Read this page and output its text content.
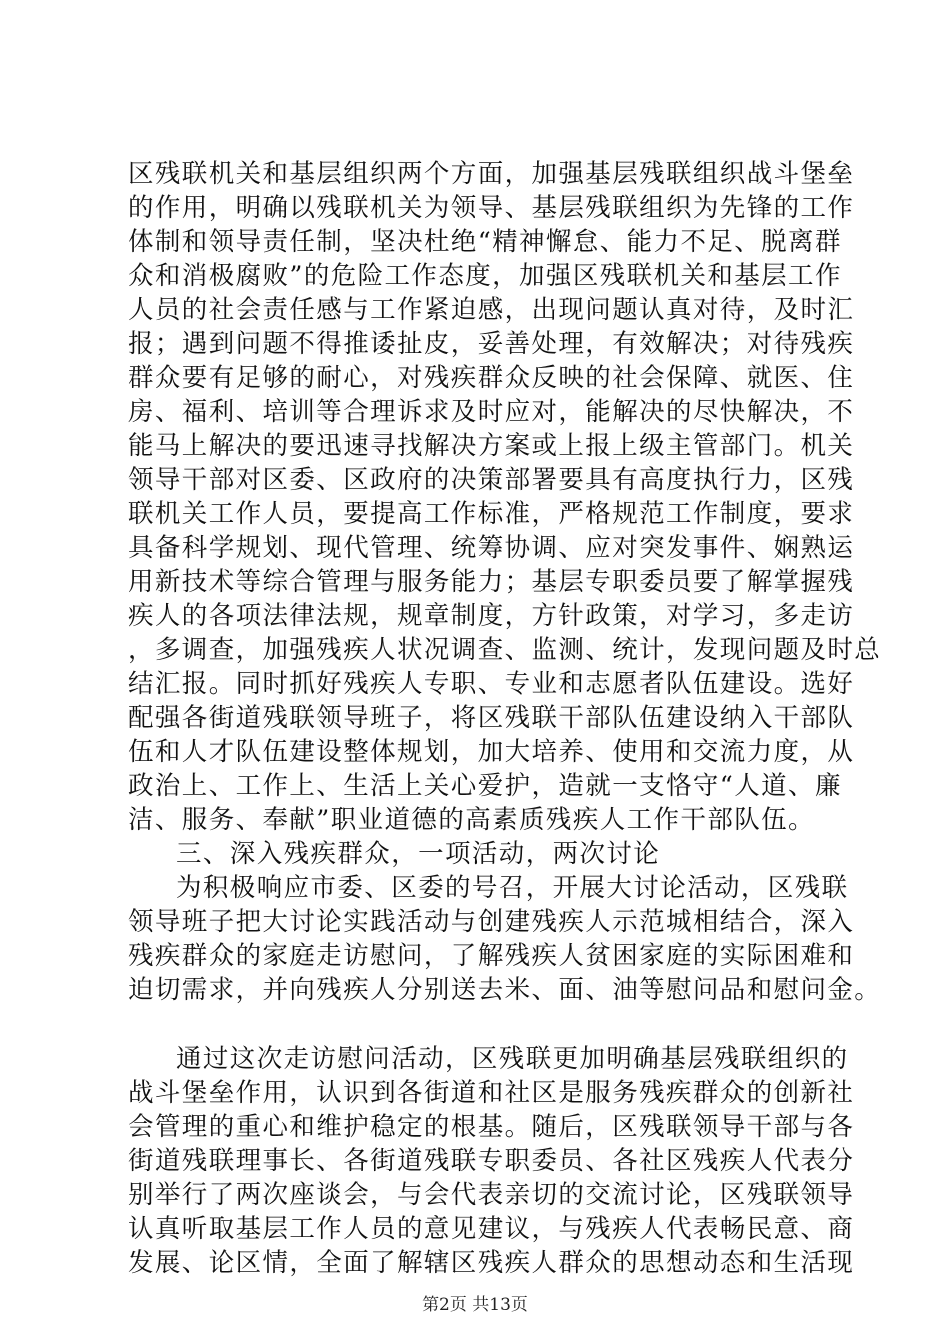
区残联机关和基层组织两个方面，加强基层残联组织战斗堡垒
的作用，明确以残联机关为领导、基层残联组织为先锋的工作
体制和领导责任制，坚决杜绝“精神懈怠、能力不足、脱离群
众和消极腐败”的危险工作态度，加强区残联机关和基层工作
人员的社会责任感与工作紧迫感，出现问题认真对待，及时汇
报；遇到问题不得推诿扯皮，妥善处理，有效解决；对待残疾
群众要有足够的耐心，对残疾群众反映的社会保障、就医、住
房、福利、培训等合理诉求及时应对，能解决的尽快解决，不
能马上解决的要迅速寻找解决方案或上报上级主管部门。机关
领导干部对区委、区政府的决策部署要具有高度执行力，区残
联机关工作人员，要提高工作标准，严格规范工作制度，要求
具备科学规划、现代管理、统筹协调、应对突发事件、娴熟运
用新技术等综合管理与服务能力；基层专职委员要了解掌握残
疾人的各项法律法规，规章制度，方针政策，对学习，多走访
，多调查，加强残疾人状况调查、监测、统计，发现问题及时总
结汇报。同时抓好残疾人专职、专业和志愿者队伍建设。选好
配强各街道残联领导班子，将区残联干部队伍建设纳入干部队
伍和人才队伍建设整体规划，加大培养、使用和交流力度，从
政治上、工作上、生活上关心爱护，造就一支恪守“人道、廉
洁、服务、奉献”职业道德的高素质残疾人工作干部队伍。
三、深入残疾群众，一项活动，两次讨论
为积极响应市委、区委的号召，开展大讨论活动，区残联
领导班子把大讨论实践活动与创建残疾人示范城相结合，深入
残疾群众的家庭走访慰问，了解残疾人贫困家庭的实际困难和
迫切需求，并向残疾人分别送去米、面、油等慰问品和慰问金。
通过这次走访慰问活动，区残联更加明确基层残联组织的
战斗堡垒作用，认识到各街道和社区是服务残疾群众的创新社
会管理的重心和维护稳定的根基。随后，区残联领导干部与各
街道残联理事长、各街道残联专职委员、各社区残疾人代表分
别举行了两次座谈会，与会代表亲切的交流讨论，区残联领导
认真听取基层工作人员的意见建议，与残疾人代表畅民意、商
发展、论区情，全面了解辖区残疾人群众的思想动态和生活现
第2页 共13页
